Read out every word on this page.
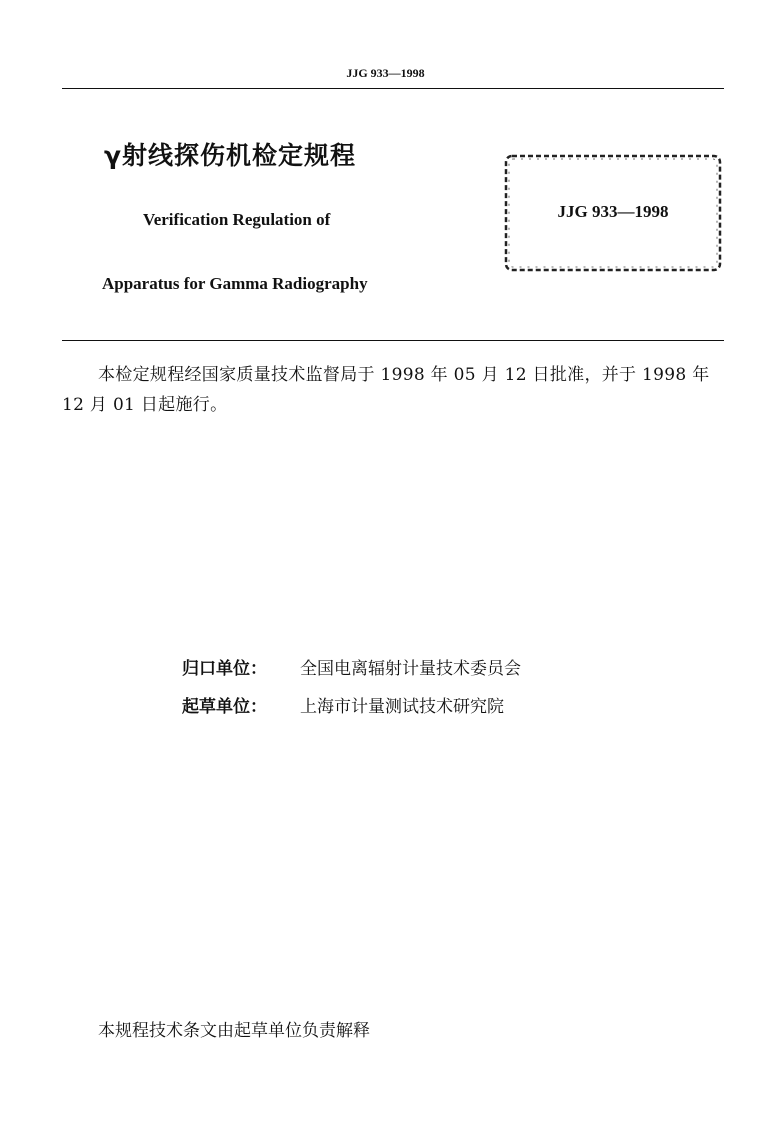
JJG 933—1998
γ射线探伤机检定规程
Verification Regulation of
Apparatus for Gamma Radiography
JJG 933—1998
本检定规程经国家质量技术监督局于 1998 年 05 月 12 日批准，并于 1998 年 12 月 01 日起施行。
归口单位： 全国电离辐射计量技术委员会
起草单位： 上海市计量测试技术研究院
本规程技术条文由起草单位负责解释
